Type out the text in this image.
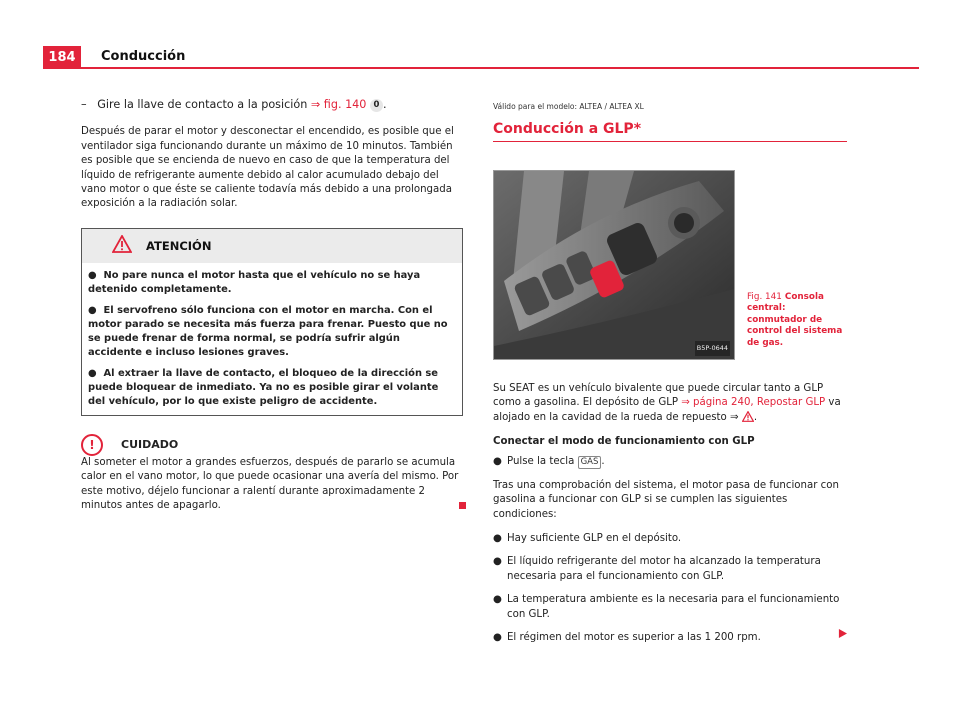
184	Conducción
– Gire la llave de contacto a la posición ⇒ fig. 140 0 .

Después de parar el motor y desconectar el encendido, es posible que el ventilador siga funcionando durante un máximo de 10 minutos. También es posible que se encienda de nuevo en caso de que la temperatura del líquido de refrigerante aumente debido al calor acumulado debajo del vano motor o que éste se caliente todavía más debido a una prolongada exposición a la radiación solar.

ATENCIÓN
●  No pare nunca el motor hasta que el vehículo no se haya detenido completamente.
●  El servofreno sólo funciona con el motor en marcha. Con el motor parado se necesita más fuerza para frenar. Puesto que no se puede frenar de forma normal, se podría sufrir algún accidente e incluso lesiones graves.
●  Al extraer la llave de contacto, el bloqueo de la dirección se puede bloquear de inmediato. Ya no es posible girar el volante del vehículo, por lo que existe peligro de accidente.
!	CUIDADO
Al someter el motor a grandes esfuerzos, después de pararlo se acumula calor en el vano motor, lo que puede ocasionar una avería del mismo. Por este motivo, déjelo funcionar a ralentí durante aproximadamente 2 minutos antes de apagarlo.
Válido para el modelo: ALTEA / ALTEA XL
Conducción a GLP*
B5P-0644
Fig. 141 Consola central: conmutador de control del sistema de gas.

Su SEAT es un vehículo bivalente que puede circular tanto a GLP como a gasolina. El depósito de GLP ⇒ página 240, Repostar GLP va alojado en la cavidad de la rueda de repuesto ⇒ .

Conectar el modo de funcionamiento con GLP
● Pulse la tecla GAS .

Tras una comprobación del sistema, el motor pasa de funcionar con gasolina a funcionar con GLP si se cumplen las siguientes condiciones:

● Hay suficiente GLP en el depósito.
● El líquido refrigerante del motor ha alcanzado la temperatura necesaria para el funcionamiento con GLP.
● La temperatura ambiente es la necesaria para el funcionamiento con GLP.
● El régimen del motor es superior a las 1 200 rpm.
